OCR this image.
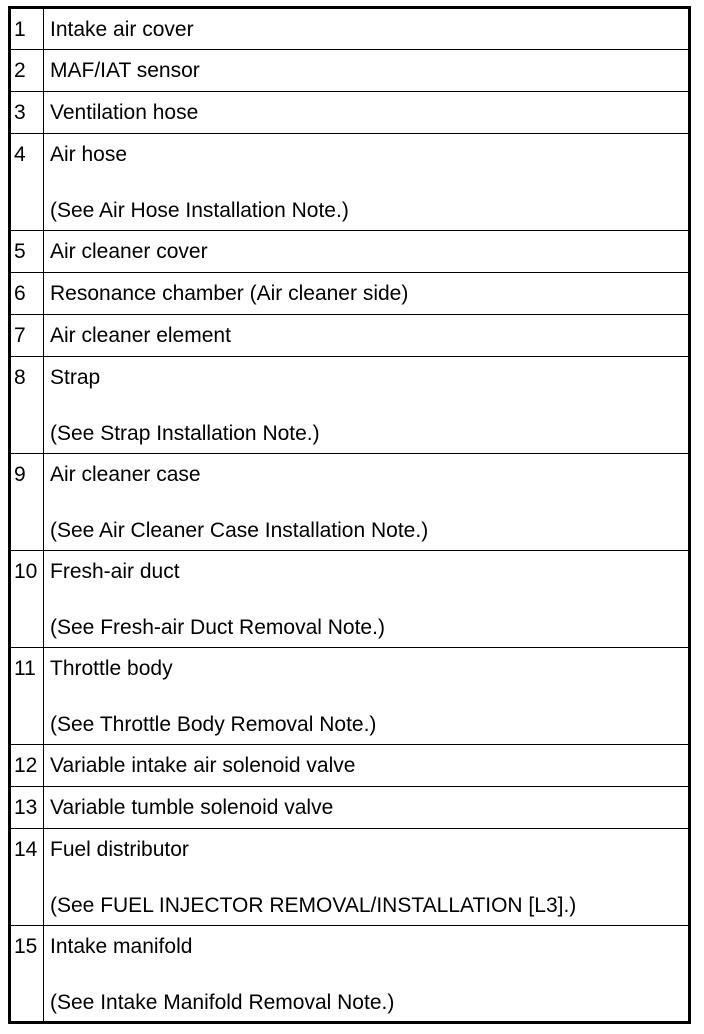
1	Intake air cover

2	MAF/IAT sensor

3	Ventilation hose

4	Air hose
(See Air Hose Installation Note.)

5	Air cleaner cover

6	Resonance chamber (Air cleaner side)

7	Air cleaner element

8	Strap
(See Strap Installation Note.)

9	Air cleaner case
(See Air Cleaner Case Installation Note.)

10	Fresh-air duct
(See Fresh-air Duct Removal Note.)

11	Throttle body
(See Throttle Body Removal Note.)

12	Variable intake air solenoid valve

13	Variable tumble solenoid valve

14	Fuel distributor
(See FUEL INJECTOR REMOVAL/INSTALLATION [L3].)

15	Intake manifold
(See Intake Manifold Removal Note.)
